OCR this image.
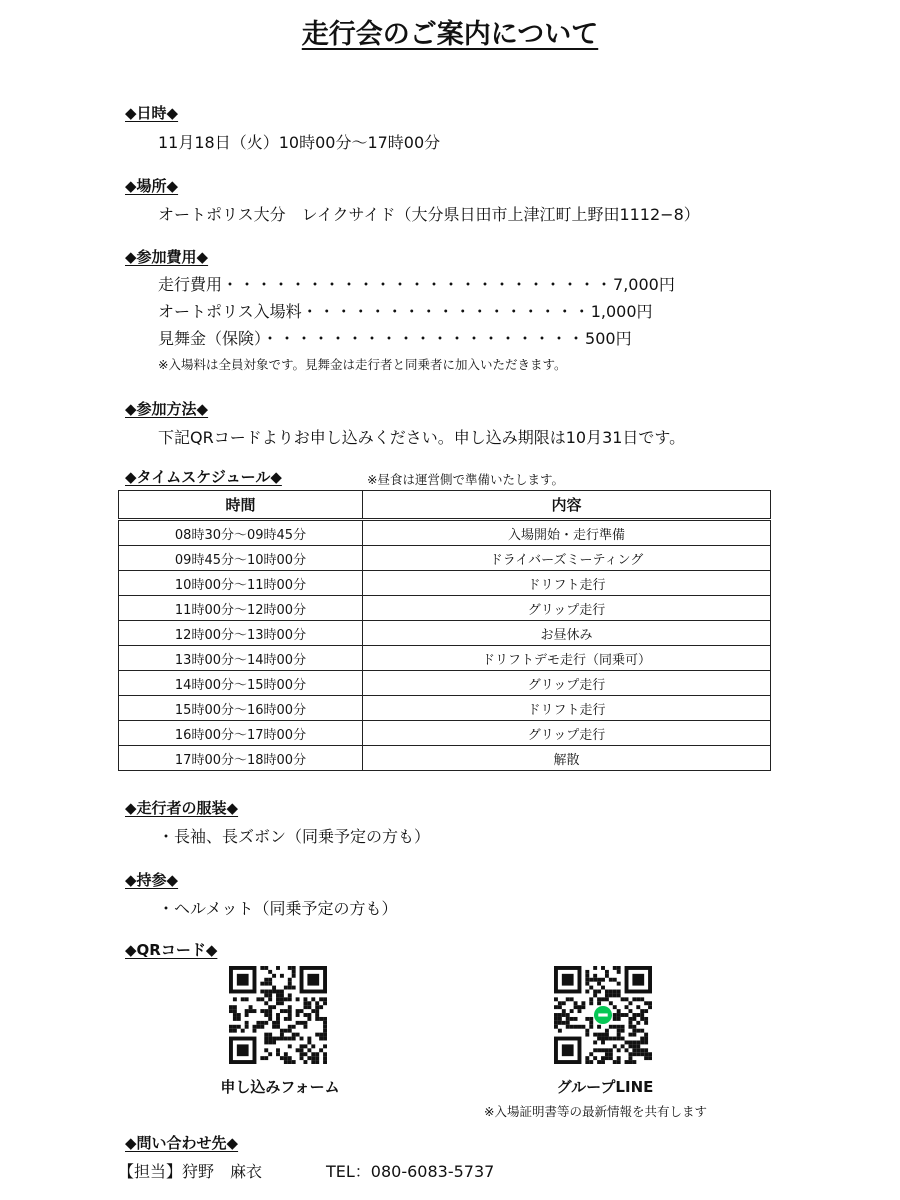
走行会のご案内について
◆日時◆
11月18日（火）10時00分～17時00分
◆場所◆
オートポリス大分　レイクサイド（大分県日田市上津江町上野田1112−8）
◆参加費用◆
走行費用・・・・・・・・・・・・・・・・・・・・・・・7,000円
オートポリス入場料・・・・・・・・・・・・・・・・・1,000円
見舞金（保険）・・・・・・・・・・・・・・・・・・・500円
※入場料は全員対象です。見舞金は走行者と同乗者に加入いただきます。
◆参加方法◆
下記QRコードよりお申し込みください。申し込み期限は10月31日です。
◆タイムスケジュール◆	※昼食は運営側で準備いたします。
時間	内容
08時30分～09時45分	入場開始・走行準備
09時45分～10時00分	ドライバーズミーティング
10時00分～11時00分	ドリフト走行
11時00分～12時00分	グリップ走行
12時00分～13時00分	お昼休み
13時00分～14時00分	ドリフトデモ走行（同乗可）
14時00分～15時00分	グリップ走行
15時00分～16時00分	ドリフト走行
16時00分～17時00分	グリップ走行
17時00分～18時00分	解散
◆走行者の服装◆
・長袖、長ズボン（同乗予定の方も）
◆持参◆
・ヘルメット（同乗予定の方も）
◆QRコード◆
申し込みフォーム	グループLINE
※入場証明書等の最新情報を共有します
◆問い合わせ先◆
【担当】狩野　麻衣	TEL：080-6083-5737
